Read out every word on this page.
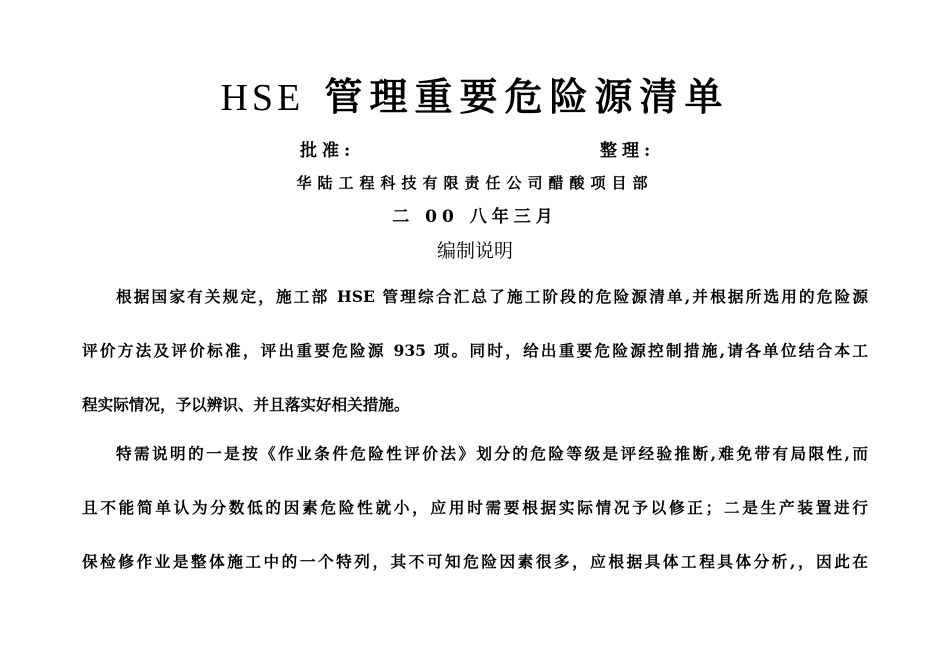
HSE 管理重要危险源清单
批准:	整理:
华陆工程科技有限责任公司醋酸项目部
二 00 八年三月
编制说明
根据国家有关规定，施工部 HSE 管理综合汇总了施工阶段的危险源清单,并根据所选用的危险源
评价方法及评价标准，评出重要危险源 935 项。同时，给出重要危险源控制措施,请各单位结合本工
程实际情况，予以辨识、并且落实好相关措施。
特需说明的一是按《作业条件危险性评价法》划分的危险等级是评经验推断,难免带有局限性,而
且不能简单认为分数低的因素危险性就小，应用时需要根据实际情况予以修正；二是生产装置进行
保检修作业是整体施工中的一个特列，其不可知危险因素很多，应根据具体工程具体分析,，因此在
